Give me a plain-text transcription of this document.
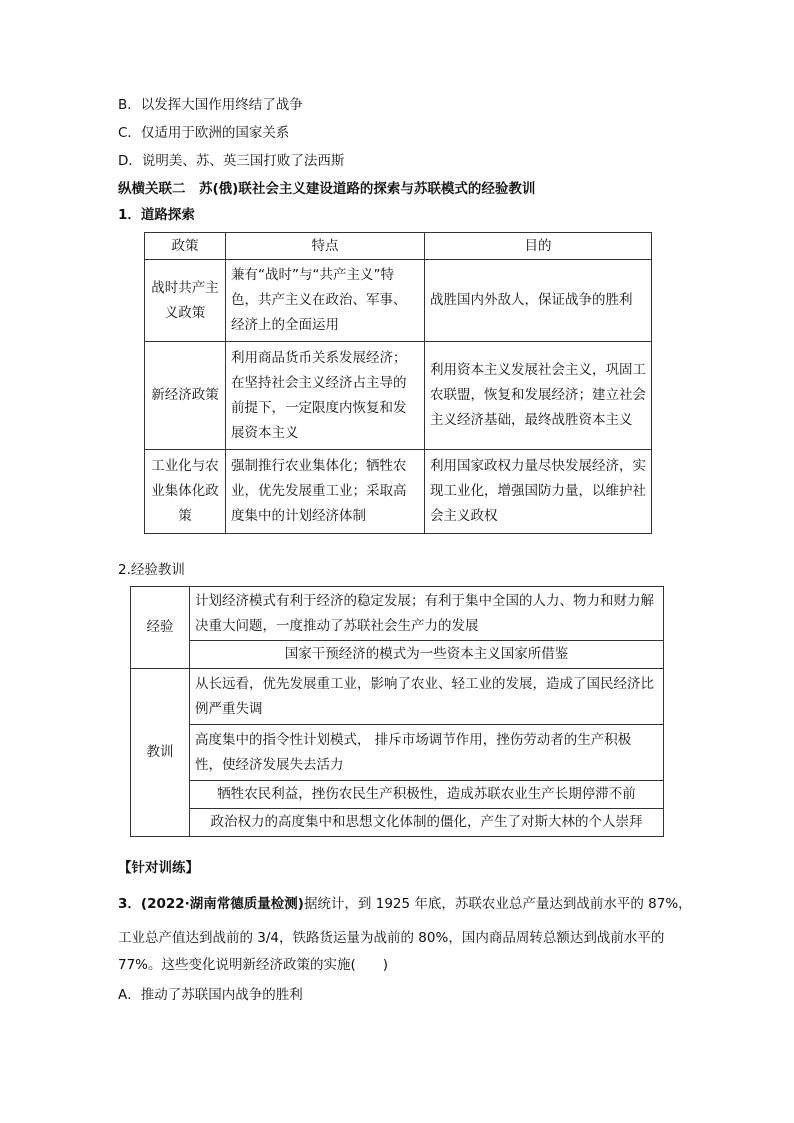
B．以发挥大国作用终结了战争
C．仅适用于欧洲的国家关系
D．说明美、苏、英三国打败了法西斯
纵横关联二　苏(俄)联社会主义建设道路的探索与苏联模式的经验教训
1．道路探索
政策	特点	目的
战时共产主义政策	兼有“战时”与“共产主义”特色，共产主义在政治、军事、经济上的全面运用	战胜国内外敌人，保证战争的胜利
新经济政策	利用商品货币关系发展经济；在坚持社会主义经济占主导的前提下，一定限度内恢复和发展资本主义	利用资本主义发展社会主义，巩固工农联盟，恢复和发展经济；建立社会主义经济基础，最终战胜资本主义
工业化与农业集体化政策	强制推行农业集体化；牺牲农业，优先发展重工业；采取高度集中的计划经济体制	利用国家政权力量尽快发展经济，实现工业化，增强国防力量，以维护社会主义政权
2.经验教训
经验	计划经济模式有利于经济的稳定发展；有利于集中全国的人力、物力和财力解决重大问题，一度推动了苏联社会生产力的发展
	国家干预经济的模式为一些资本主义国家所借鉴
教训	从长远看，优先发展重工业，影响了农业、轻工业的发展，造成了国民经济比例严重失调
	高度集中的指令性计划模式， 排斥市场调节作用，挫伤劳动者的生产积极性，使经济发展失去活力
	牺牲农民利益，挫伤农民生产积极性，造成苏联农业生产长期停滞不前
	政治权力的高度集中和思想文化体制的僵化，产生了对斯大林的个人崇拜
【针对训练】
3．(2022·湖南常德质量检测)据统计，到 1925 年底，苏联农业总产量达到战前水平的 87%，
工业总产值达到战前的 3/4，铁路货运量为战前的 80%，国内商品周转总额达到战前水平的
77%。这些变化说明新经济政策的实施(　　)
A．推动了苏联国内战争的胜利
